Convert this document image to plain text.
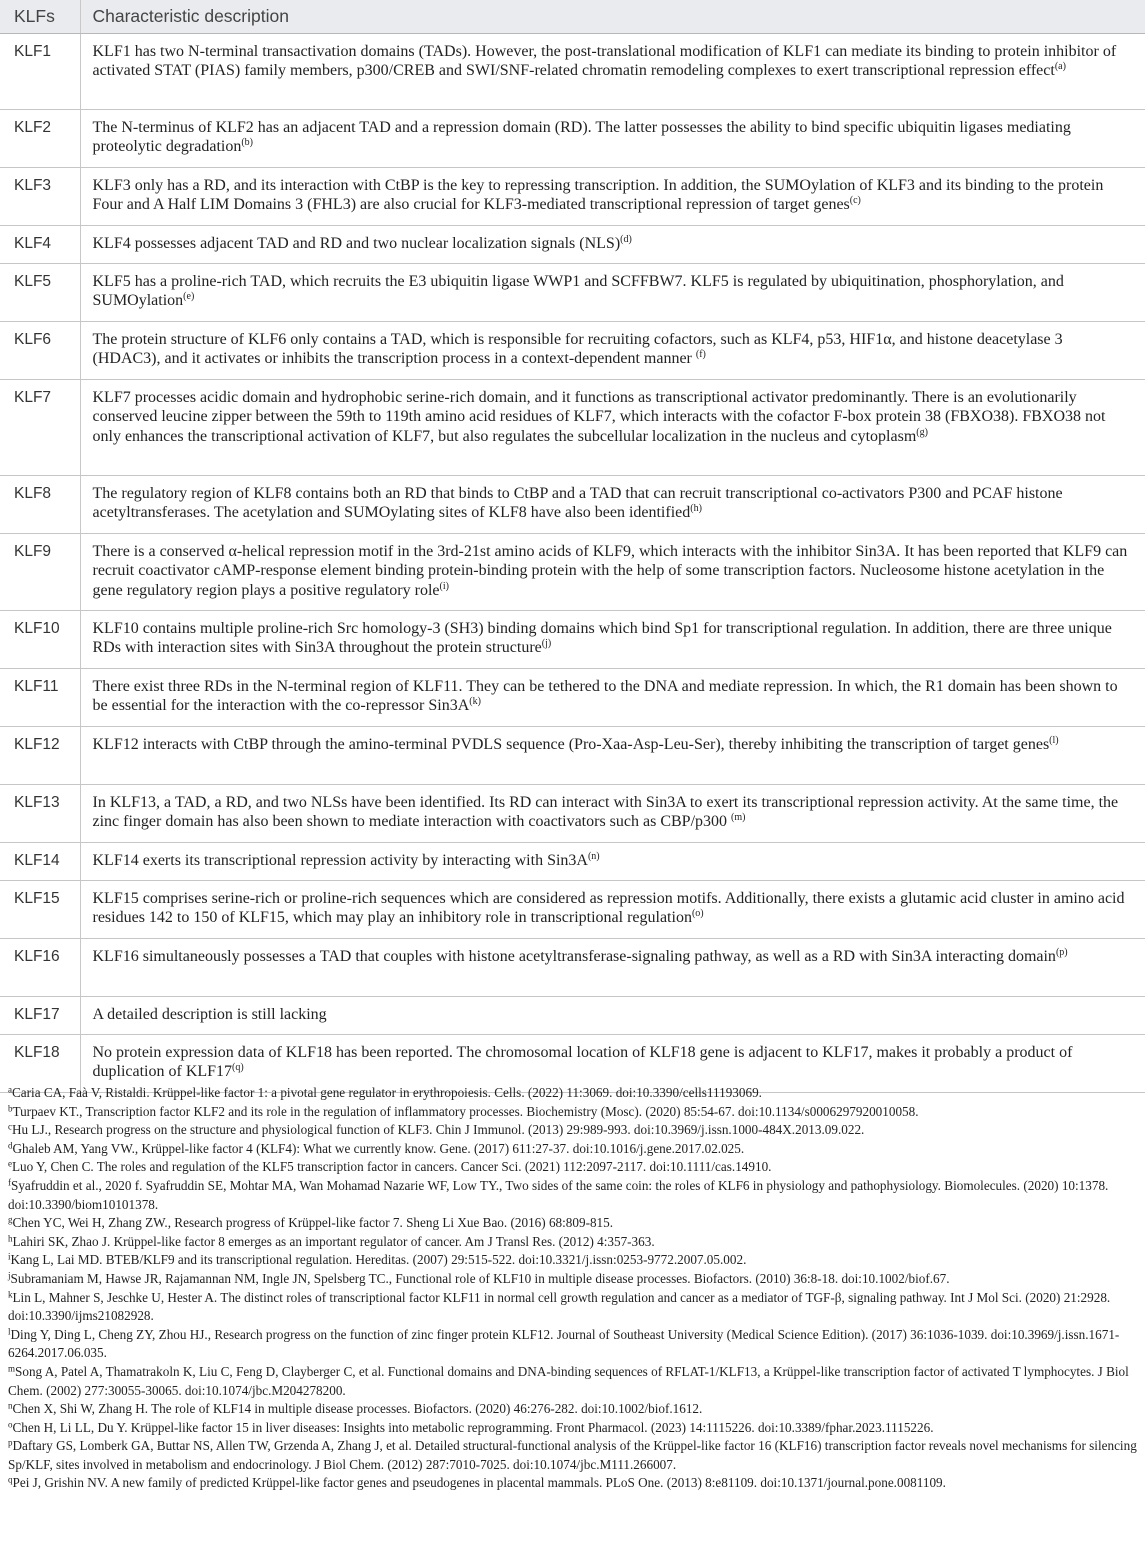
KLFs	Characteristic description
KLF1	KLF1 has two N-terminal transactivation domains (TADs). However, the post-translational modification of KLF1 can mediate its binding to protein inhibitor of activated STAT (PIAS) family members, p300/CREB and SWI/SNF-related chromatin remodeling complexes to exert transcriptional repression effect$^{(a)}$
KLF2	The N-terminus of KLF2 has an adjacent TAD and a repression domain (RD). The latter possesses the ability to bind specific ubiquitin ligases mediating proteolytic degradation$^{(b)}$
KLF3	KLF3 only has a RD, and its interaction with CtBP is the key to repressing transcription. In addition, the SUMOylation of KLF3 and its binding to the protein Four and A Half LIM Domains 3 (FHL3) are also crucial for KLF3-mediated transcriptional repression of target genes$^{(c)}$
KLF4	KLF4 possesses adjacent TAD and RD and two nuclear localization signals (NLS)$^{(d)}$
KLF5	KLF5 has a proline-rich TAD, which recruits the E3 ubiquitin ligase WWP1 and SCFFBW7. KLF5 is regulated by ubiquitination, phosphorylation, and SUMOylation$^{(e)}$
KLF6	The protein structure of KLF6 only contains a TAD, which is responsible for recruiting cofactors, such as KLF4, p53, HIF1α, and histone deacetylase 3 (HDAC3), and it activates or inhibits the transcription process in a context-dependent manner $^{(f)}$
KLF7	KLF7 processes acidic domain and hydrophobic serine-rich domain, and it functions as transcriptional activator predominantly. There is an evolutionarily conserved leucine zipper between the 59th to 119th amino acid residues of KLF7, which interacts with the cofactor F-box protein 38 (FBXO38). FBXO38 not only enhances the transcriptional activation of KLF7, but also regulates the subcellular localization in the nucleus and cytoplasm$^{(g)}$
KLF8	The regulatory region of KLF8 contains both an RD that binds to CtBP and a TAD that can recruit transcriptional co-activators P300 and PCAF histone acetyltransferases. The acetylation and SUMOylating sites of KLF8 have also been identified$^{(h)}$
KLF9	There is a conserved α-helical repression motif in the 3rd-21st amino acids of KLF9, which interacts with the inhibitor Sin3A. It has been reported that KLF9 can recruit coactivator cAMP-response element binding protein-binding protein with the help of some transcription factors. Nucleosome histone acetylation in the gene regulatory region plays a positive regulatory role$^{(i)}$
KLF10	KLF10 contains multiple proline-rich Src homology-3 (SH3) binding domains which bind Sp1 for transcriptional regulation. In addition, there are three unique RDs with interaction sites with Sin3A throughout the protein structure$^{(j)}$
KLF11	There exist three RDs in the N-terminal region of KLF11. They can be tethered to the DNA and mediate repression. In which, the R1 domain has been shown to be essential for the interaction with the co-repressor $Sin3A^{(k)}$
KLF12	KLF12 interacts with CtBP through the amino-terminal PVDLS sequence (Pro-Xaa-Asp-Leu-Ser), thereby inhibiting the transcription of target genes$^{(l)}$
KLF13	In KLF13, a TAD, a RD, and two NLSs have been identified. Its RD can interact with Sin3A to exert its transcriptional repression activity. At the same time, the zinc finger domain has also been shown to mediate interaction with coactivators such as CBP/p300 $^{(m)}$
KLF14	KLF14 exerts its transcriptional repression activity by interacting with $Sin3A^{(n)}$
KLF15	KLF15 comprises serine-rich or proline-rich sequences which are considered as repression motifs. Additionally, there exists a glutamic acid cluster in amino acid residues 142 to 150 of KLF15, which may play an inhibitory role in transcriptional regulation$^{(o)}$
KLF16	KLF16 simultaneously possesses a TAD that couples with histone acetyltransferase-signaling pathway, as well as a RD with Sin3A interacting domain$^{(p)}$
KLF17	A detailed description is still lacking
KLF18	No protein expression data of KLF18 has been reported. The chromosomal location of KLF18 gene is adjacent to KLF17, makes it probably a product of duplication of KLF17$^{(q)}$

$^a$Caria CA, Faà V, Ristaldi. Krüppel-like factor 1: a pivotal gene regulator in erythropoiesis. Cells. (2022) 11:3069. doi:10.3390/cells11193069.

$^b$Turpaev KT., Transcription factor KLF2 and its role in the regulation of inflammatory processes. Biochemistry (Mosc). (2020) 85:54-67. doi:10.1134/s0006297920010058.

$^c$Hu LJ., Research progress on the structure and physiological function of KLF3. Chin J Immunol. (2013) 29:989-993. doi:10.3969/j.issn.1000-484X.2013.09.022.

$^d$Ghaleb AM, Yang VW., Krüppel-like factor 4 (KLF4): What we currently know. Gene. (2017) 611:27-37. doi:10.1016/j.gene.2017.02.025.

$^e$Luo Y, Chen C. The roles and regulation of the KLF5 transcription factor in cancers. Cancer Sci. (2021) 112:2097-2117. doi:10.1111/cas.14910.

$^f$Syafruddin et al., 2020 f. Syafruddin SE, Mohtar MA, Wan Mohamad Nazarie WF, Low TY., Two sides of the same coin: the roles of KLF6 in physiology and pathophysiology. Biomolecules. (2020) 10:1378. doi:10.3390/biom10101378.

$^g$Chen YC, Wei H, Zhang ZW., Research progress of Krüppel-like factor 7. Sheng Li Xue Bao. (2016) 68:809-815.

$^h$Lahiri SK, Zhao J. Krüppel-like factor 8 emerges as an important regulator of cancer. Am J Transl Res. (2012) 4:357-363.

$^i$Kang L, Lai MD. BTEB/KLF9 and its transcriptional regulation. Hereditas. (2007) 29:515-522. doi:10.3321/j.issn:0253-9772.2007.05.002.

$^j$Subramaniam M, Hawse JR, Rajamannan NM, Ingle JN, Spelsberg TC., Functional role of KLF10 in multiple disease processes. Biofactors. (2010) 36:8-18. doi:10.1002/biof.67.

$^k$Lin L, Mahner S, Jeschke U, Hester A. The distinct roles of transcriptional factor KLF11 in normal cell growth regulation and cancer as a mediator of TGF-β, signaling pathway. Int J Mol Sci. (2020) 21:2928. doi:10.3390/ijms21082928.

$^l$Ding Y, Ding L, Cheng ZY, Zhou HJ., Research progress on the function of zinc finger protein KLF12. Journal of Southeast University (Medical Science Edition). (2017) 36:1036-1039. doi:10.3969/j.issn.1671-6264.2017.06.035.

$^m$Song A, Patel A, Thamatrakoln K, Liu C, Feng D, Clayberger C, et al. Functional domains and DNA-binding sequences of RFLAT-1/KLF13, a Krüppel-like transcription factor of activated T lymphocytes. J Biol Chem. (2002) 277:30055-30065. doi:10.1074/jbc.M204278200.

$^n$Chen X, Shi W, Zhang H. The role of KLF14 in multiple disease processes. Biofactors. (2020) 46:276-282. doi:10.1002/biof.1612.

$^o$Chen H, Li LL, Du Y. Krüppel-like factor 15 in liver diseases: Insights into metabolic reprogramming. Front Pharmacol. (2023) 14:1115226. doi:10.3389/fphar.2023.1115226.

$^p$Daftary GS, Lomberk GA, Buttar NS, Allen TW, Grzenda A, Zhang J, et al. Detailed structural-functional analysis of the Krüppel-like factor 16 (KLF16) transcription factor reveals novel mechanisms for silencing Sp/KLF, sites involved in metabolism and endocrinology. J Biol Chem. (2012) 287:7010-7025. doi:10.1074/jbc.M111.266007.

$^q$Pei J, Grishin NV. A new family of predicted Krüppel-like factor genes and pseudogenes in placental mammals. PLoS One. (2013) 8:e81109. doi:10.1371/journal.pone.0081109.
